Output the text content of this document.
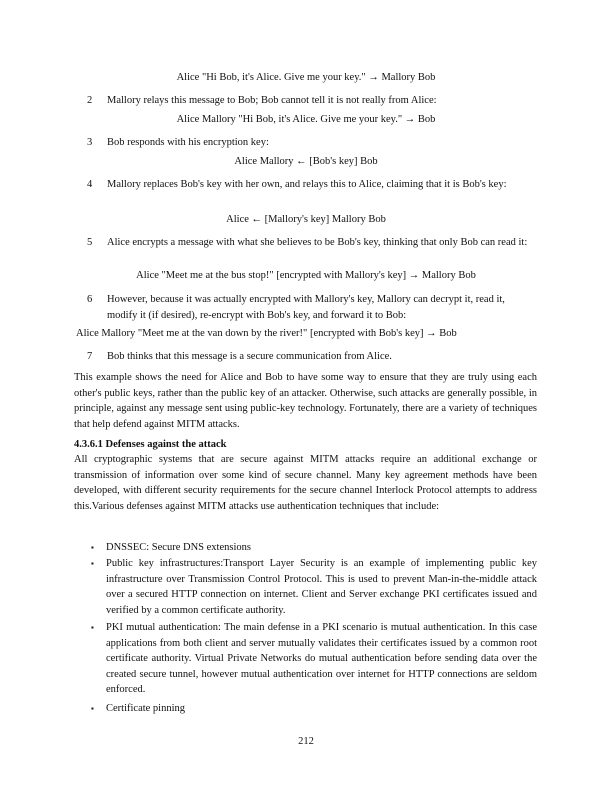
Alice "Hi Bob, it's Alice. Give me your key." → Mallory Bob
2	Mallory relays this message to Bob; Bob cannot tell it is not really from Alice:
Alice Mallory "Hi Bob, it's Alice. Give me your key." → Bob
3	Bob responds with his encryption key:
Alice Mallory ← [Bob's key] Bob
4	Mallory replaces Bob's key with her own, and relays this to Alice, claiming that it is Bob's key:
Alice ← [Mallory's key] Mallory Bob
5	Alice encrypts a message with what she believes to be Bob's key, thinking that only Bob can read it:
Alice "Meet me at the bus stop!" [encrypted with Mallory's key] → Mallory Bob
6	However, because it was actually encrypted with Mallory's key, Mallory can decrypt it, read it, modify it (if desired), re-encrypt with Bob's key, and forward it to Bob:
Alice Mallory "Meet me at the van down by the river!" [encrypted with Bob's key] → Bob
7	Bob thinks that this message is a secure communication from Alice.
This example shows the need for Alice and Bob to have some way to ensure that they are truly using each other's public keys, rather than the public key of an attacker. Otherwise, such attacks are generally possible, in principle, against any message sent using public-key technology. Fortunately, there are a variety of techniques that help defend against MITM attacks.
4.3.6.1 Defenses against the attack
All cryptographic systems that are secure against MITM attacks require an additional exchange or transmission of information over some kind of secure channel. Many key agreement methods have been developed, with different security requirements for the secure channel Interlock Protocol attempts to address this.Various defenses against MITM attacks use authentication techniques that include:
▪ DNSSEC: Secure DNS extensions
▪ Public key infrastructures:Transport Layer Security is an example of implementing public key infrastructure over Transmission Control Protocol. This is used to prevent Man-in-the-middle attack over a secured HTTP connection on internet. Client and Server exchange PKI certificates issued and verified by a common certificate authority.
▪ PKI mutual authentication: The main defense in a PKI scenario is mutual authentication. In this case applications from both client and server mutually validates their certificates issued by a common root certificate authority. Virtual Private Networks do mutual authentication before sending data over the created secure tunnel, however mutual authentication over internet for HTTP connections are seldom enforced.
▪ Certificate pinning
212
